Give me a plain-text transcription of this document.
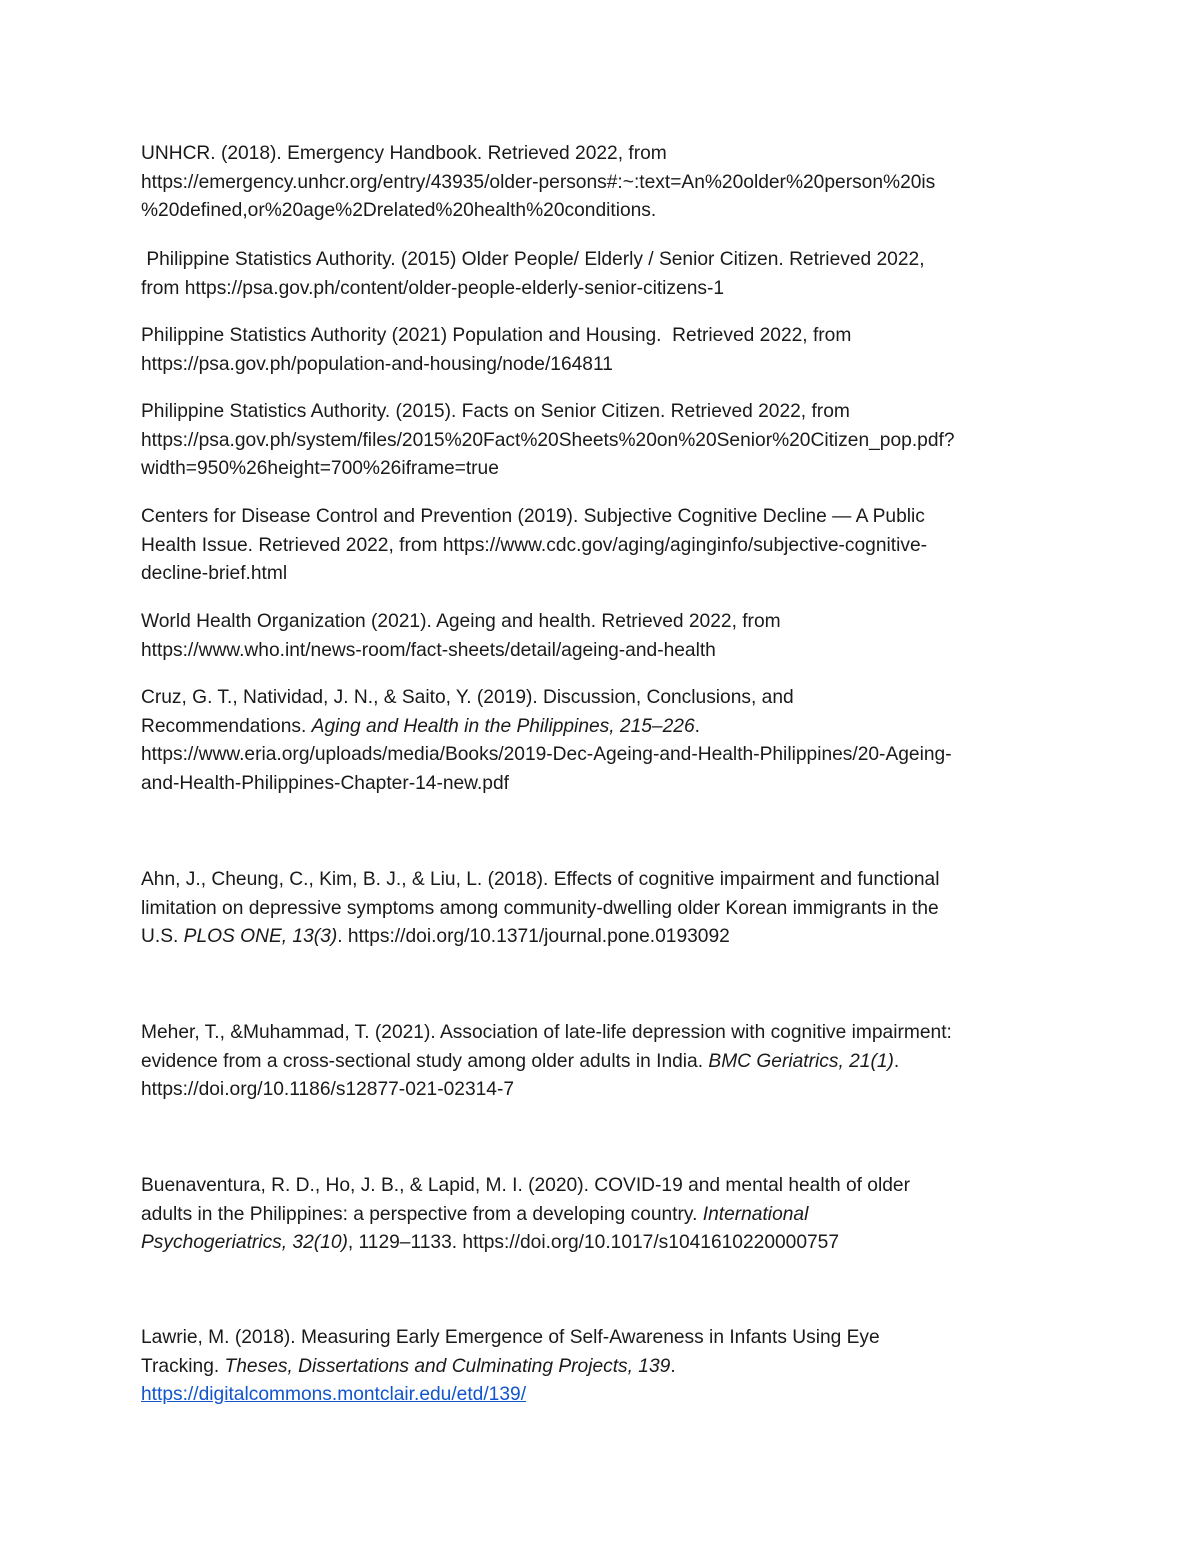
UNHCR. (2018). Emergency Handbook. Retrieved 2022, from
https://emergency.unhcr.org/entry/43935/older-persons#:~:text=An%20older%20person%20is
%20defined,or%20age%2Drelated%20health%20conditions.
Philippine Statistics Authority. (2015) Older People/ Elderly / Senior Citizen. Retrieved 2022,
from https://psa.gov.ph/content/older-people-elderly-senior-citizens-1
Philippine Statistics Authority (2021) Population and Housing.  Retrieved 2022, from
https://psa.gov.ph/population-and-housing/node/164811
Philippine Statistics Authority. (2015). Facts on Senior Citizen. Retrieved 2022, from
https://psa.gov.ph/system/files/2015%20Fact%20Sheets%20on%20Senior%20Citizen_pop.pdf?
width=950%26height=700%26iframe=true
Centers for Disease Control and Prevention (2019). Subjective Cognitive Decline — A Public
Health Issue. Retrieved 2022, from https://www.cdc.gov/aging/aginginfo/subjective-cognitive-
decline-brief.html
World Health Organization (2021). Ageing and health. Retrieved 2022, from
https://www.who.int/news-room/fact-sheets/detail/ageing-and-health
Cruz, G. T., Natividad, J. N., & Saito, Y. (2019). Discussion, Conclusions, and
Recommendations. Aging and Health in the Philippines, 215–226.
https://www.eria.org/uploads/media/Books/2019-Dec-Ageing-and-Health-Philippines/20-Ageing-
and-Health-Philippines-Chapter-14-new.pdf
Ahn, J., Cheung, C., Kim, B. J., & Liu, L. (2018). Effects of cognitive impairment and functional
limitation on depressive symptoms among community-dwelling older Korean immigrants in the
U.S. PLOS ONE, 13(3). https://doi.org/10.1371/journal.pone.0193092
Meher, T., &Muhammad, T. (2021). Association of late-life depression with cognitive impairment:
evidence from a cross-sectional study among older adults in India. BMC Geriatrics, 21(1).
https://doi.org/10.1186/s12877-021-02314-7
Buenaventura, R. D., Ho, J. B., & Lapid, M. I. (2020). COVID-19 and mental health of older
adults in the Philippines: a perspective from a developing country. International
Psychogeriatrics, 32(10), 1129–1133. https://doi.org/10.1017/s1041610220000757
Lawrie, M. (2018). Measuring Early Emergence of Self-Awareness in Infants Using Eye
Tracking. Theses, Dissertations and Culminating Projects, 139.
https://digitalcommons.montclair.edu/etd/139/
